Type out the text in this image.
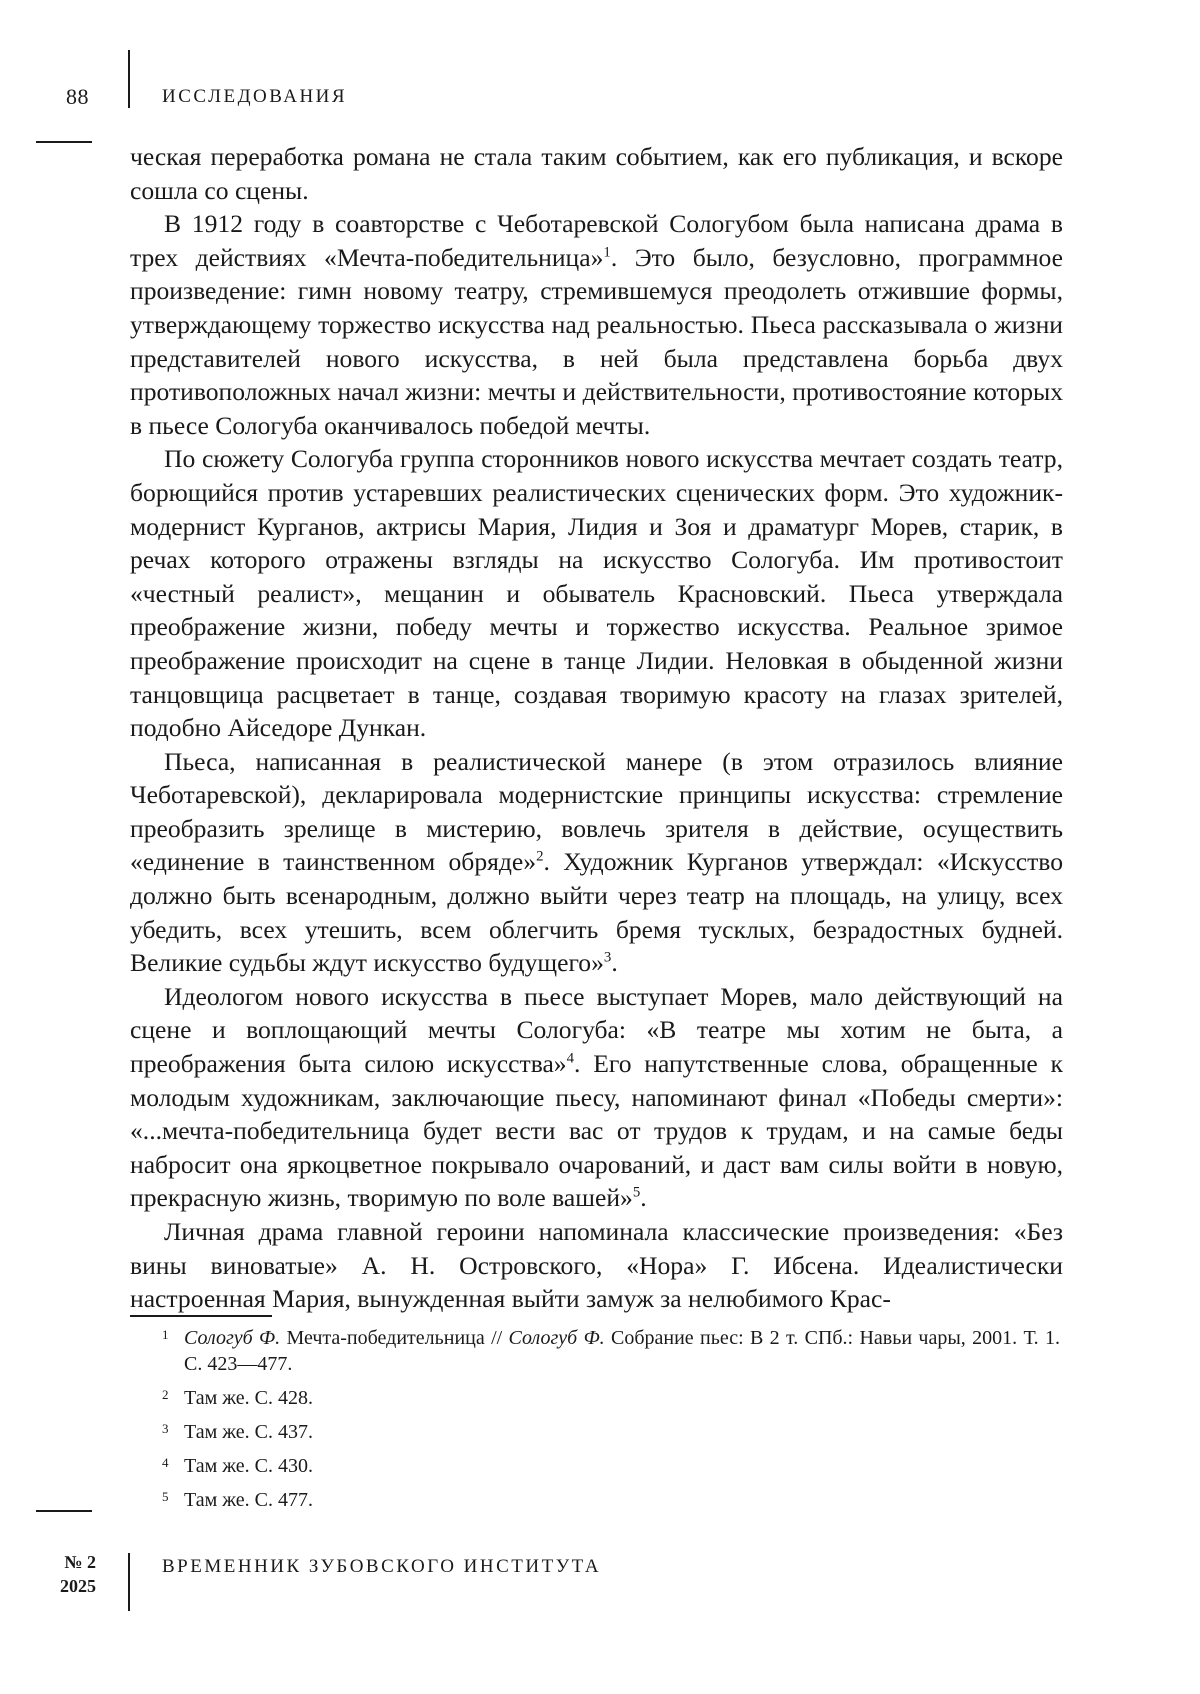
88	ИССЛЕДОВАНИЯ

ческая переработка романа не стала таким событием, как его публикация, и вскоре сошла со сцены.

В 1912 году в соавторстве с Чеботаревской Сологубом была написана драма в трех действиях «Мечта-победительница»$^1$. Это было, безусловно, программное произведение: гимн новому театру, стремившемуся преодолеть отжившие формы, утверждающему торжество искусства над реальностью. Пьеса рассказывала о жизни представителей нового искусства, в ней была представлена борьба двух противоположных начал жизни: мечты и действительности, противостояние которых в пьесе Сологуба оканчивалось победой мечты.

По сюжету Сологуба группа сторонников нового искусства мечтает создать театр, борющийся против устаревших реалистических сценических форм. Это художник-модернист Курганов, актрисы Мария, Лидия и Зоя и драматург Морев, старик, в речах которого отражены взгляды на искусство Сологуба. Им противостоит «честный реалист», мещанин и обыватель Красновский. Пьеса утверждала преображение жизни, победу мечты и торжество искусства. Реальное зримое преображение происходит на сцене в танце Лидии. Неловкая в обыденной жизни танцовщица расцветает в танце, создавая творимую красоту на глазах зрителей, подобно Айседоре Дункан.

Пьеса, написанная в реалистической манере (в этом отразилось влияние Чеботаревской), декларировала модернистские принципы искусства: стремление преобразить зрелище в мистерию, вовлечь зрителя в действие, осуществить «единение в таинственном обряде»$^2$. Художник Курганов утверждал: «Искусство должно быть всенародным, должно выйти через театр на площадь, на улицу, всех убедить, всех утешить, всем облегчить бремя тусклых, безрадостных будней. Великие судьбы ждут искусство будущего»$^3$.

Идеологом нового искусства в пьесе выступает Морев, мало действующий на сцене и воплощающий мечты Сологуба: «В театре мы хотим не быта, а преображения быта силою искусства»$^4$. Его напутственные слова, обращенные к молодым художникам, заключающие пьесу, напоминают финал «Победы смерти»: «...мечта-победительница будет вести вас от трудов к трудам, и на самые беды набросит она яркоцветное покрывало очарований, и даст вам силы войти в новую, прекрасную жизнь, творимую по воле вашей»$^5$.

Личная драма главной героини напоминала классические произведения: «Без вины виноватые» А. Н. Островского, «Нора» Г. Ибсена. Идеалистически настроенная Мария, вынужденная выйти замуж за нелюбимого Крас-

1 Сологуб Ф. Мечта-победительница // Сологуб Ф. Собрание пьес: В 2 т. СПб.: Навьи чары, 2001. Т. 1. С. 423—477.
2 Там же. С. 428.
3 Там же. С. 437.
4 Там же. С. 430.
5 Там же. С. 477.
№ 2
2025
ВРЕМЕННИК ЗУБОВСКОГО ИНСТИТУТА
